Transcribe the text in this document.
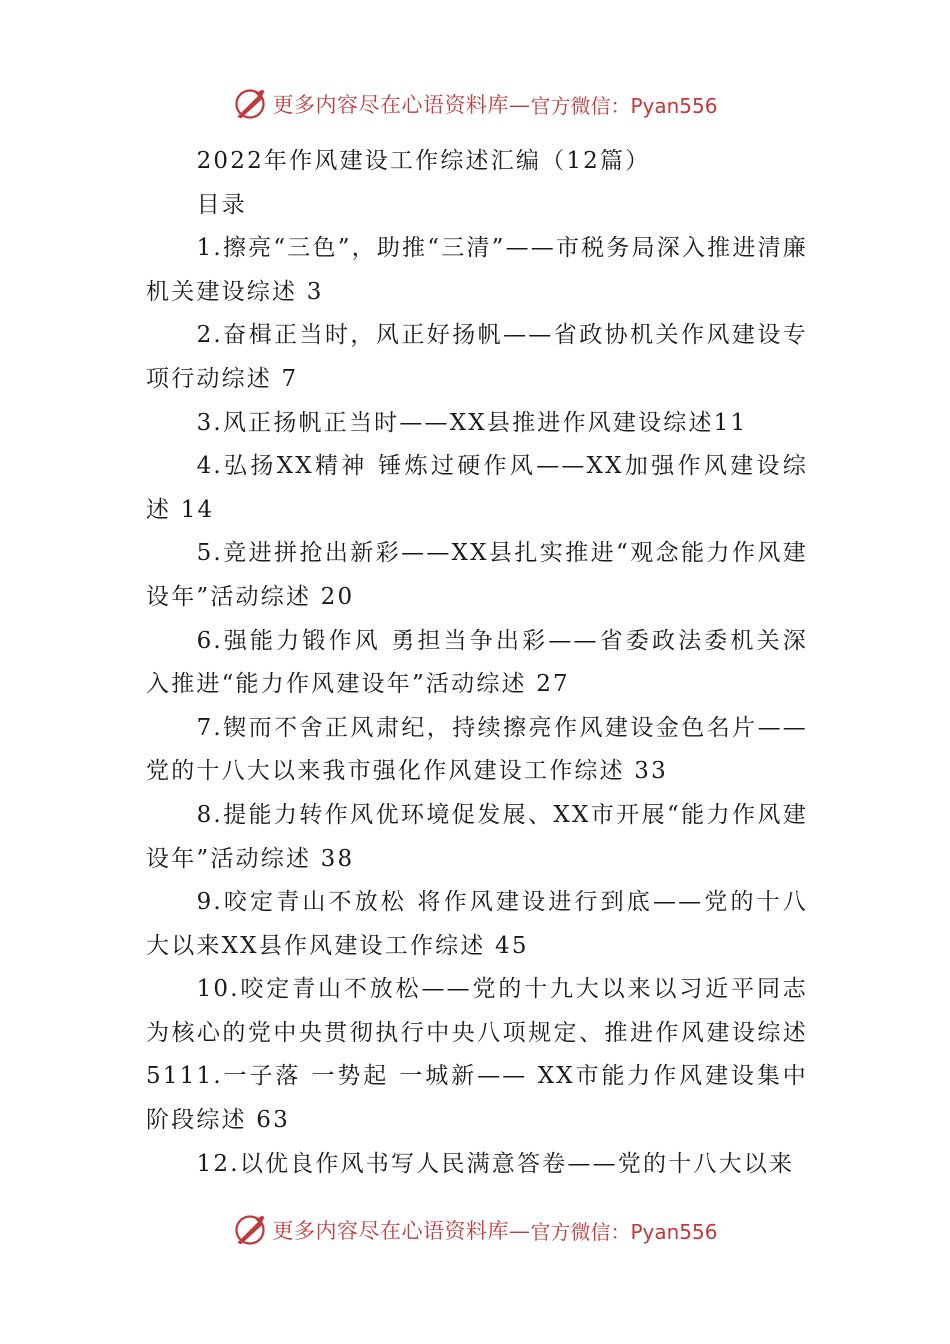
更多内容尽在心语资料库— 官方微信：Pyan556

2022年作风建设工作综述汇编（12篇）

目录

1.擦亮“三色”，助推“三清”——市税务局深入推进清廉机关建设综述 3

2.奋楫正当时，风正好扬帆——省政协机关作风建设专项行动综述 7

3.风正扬帆正当时——XX县推进作风建设综述11

4.弘扬XX精神 锤炼过硬作风——XX加强作风建设综述 14

5.竞进拼抢出新彩——XX县扎实推进“观念能力作风建设年”活动综述 20

6.强能力锻作风 勇担当争出彩——省委政法委机关深入推进“能力作风建设年”活动综述 27

7.锲而不舍正风肃纪，持续擦亮作风建设金色名片——党的十八大以来我市强化作风建设工作综述 33

8.提能力转作风优环境促发展、XX市开展“能力作风建设年”活动综述 38

9.咬定青山不放松 将作风建设进行到底——党的十八大以来XX县作风建设工作综述 45

10.咬定青山不放松——党的十九大以来以习近平同志为核心的党中央贯彻执行中央八项规定、推进作风建设综述 5111.一子落 一势起 一城新—— XX市能力作风建设集中阶段综述 63

12.以优良作风书写人民满意答卷——党的十八大以来

更多内容尽在心语资料库— 官方微信：Pyan556
